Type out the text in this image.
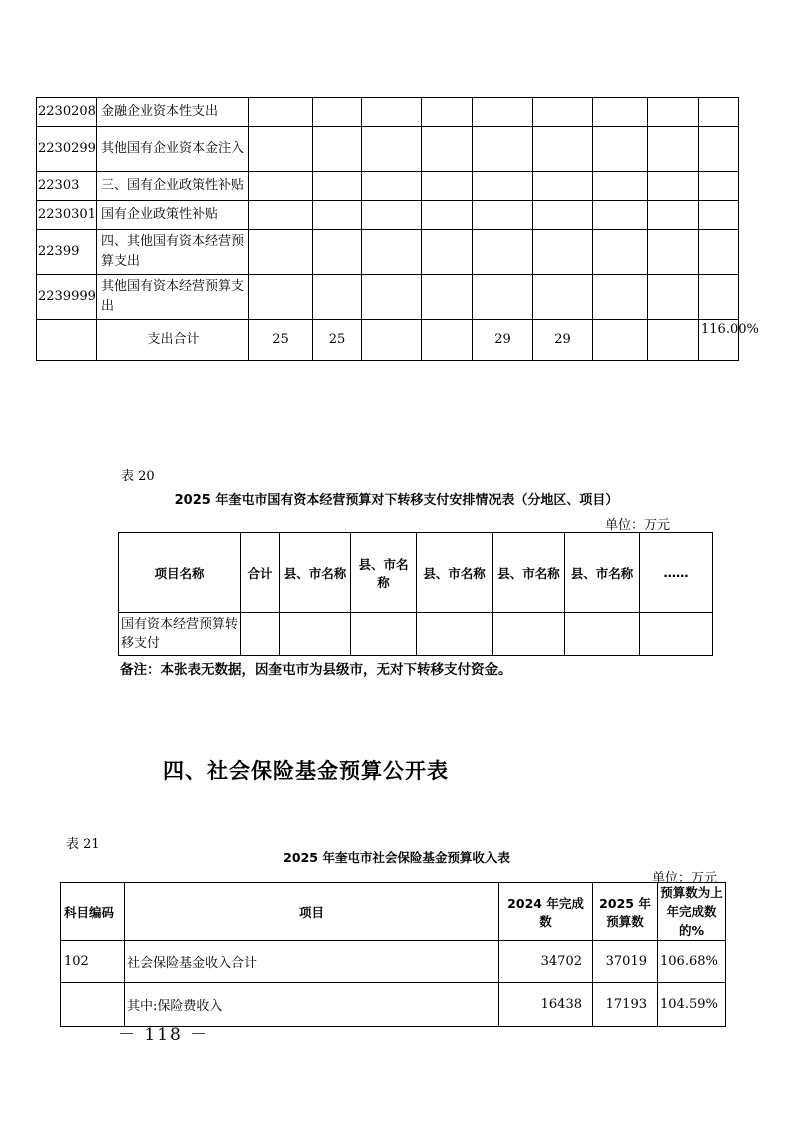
2230208	金融企业资本性支出									
2230299	其他国有企业资本金注入									
22303	三、国有企业政策性补贴									
2230301	国有企业政策性补贴									
22399	四、其他国有资本经营预算支出									
2239999	其他国有资本经营预算支出									
	支出合计	25	25			29	29			116.00%
表 20
2025 年奎屯市国有资本经营预算对下转移支付安排情况表（分地区、项目）
单位：万元
项目名称	合计	县、市名称	县、市名称	县、市名称	县、市名称	县、市名称	……
国有资本经营预算转移支付							
备注：本张表无数据，因奎屯市为县级市，无对下转移支付资金。
四、社会保险基金预算公开表
表 21
2025 年奎屯市社会保险基金预算收入表
单位：万元
科目编码	项目	2024 年完成数	2025 年预算数	预算数为上年完成数的%
102	社会保险基金收入合计	34702	37019	106.68%
	其中:保险费收入	16438	17193	104.59%
－ 118 －
